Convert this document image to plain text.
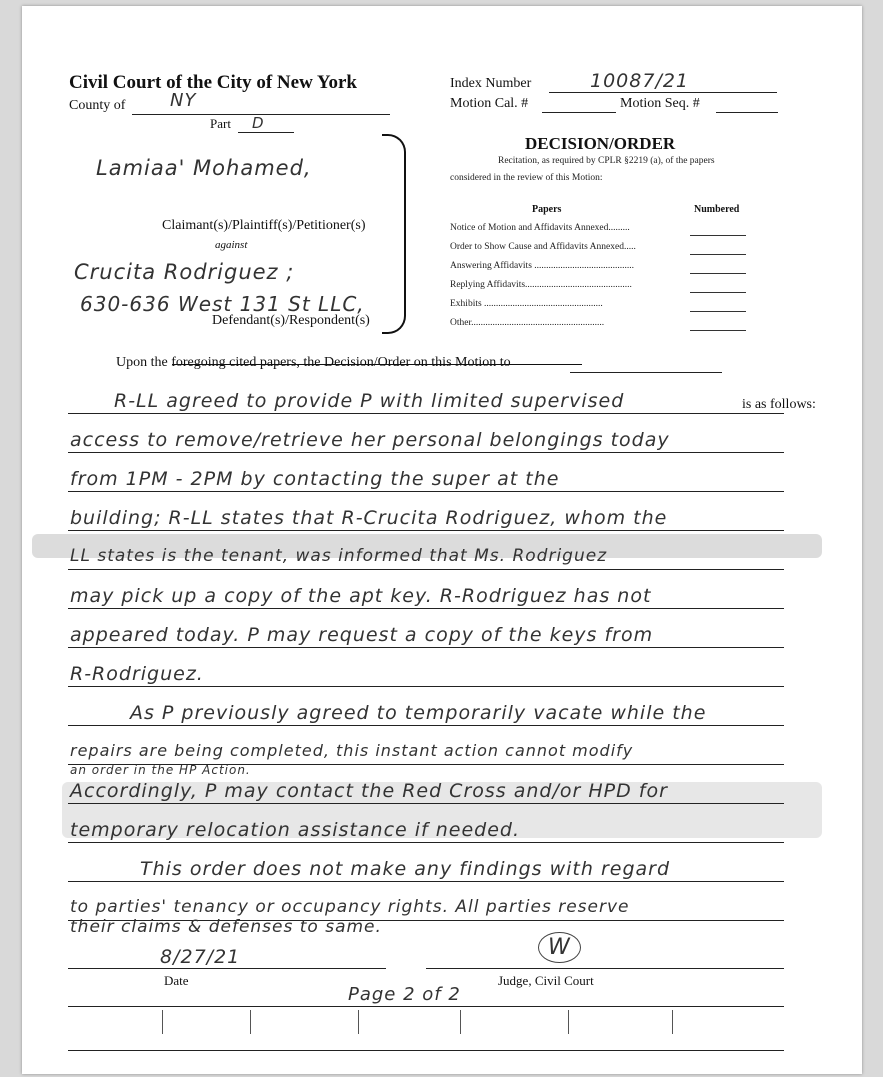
Civil Court of the City of New York
County of NY
Part D
Index Number	10087/21
Motion Cal. #	Motion Seq. #
Lamiaa' Mohamed,
Claimant(s)/Plaintiff(s)/Petitioner(s)
against
Crucita Rodriguez ;
630-636 West 131 St LLC,
Defendant(s)/Respondent(s)
DECISION/ORDER
Recitation, as required by CPLR §2219 (a), of the papers
considered in the review of this Motion:
Papers	Numbered
Notice of Motion and Affidavits Annexed.........
Order to Show Cause and Affidavits Annexed.....
Answering Affidavits ..........................................
Replying Affidavits.............................................
Exhibits ..................................................
Other........................................................
Upon the foregoing cited papers, the Decision/Order on this Motion to
R-LL agreed to provide P with limited supervised	is as follows:
access to remove/retrieve her personal belongings today
from 1PM - 2PM by contacting the super at the
building; R-LL states that R-Crucita Rodriguez, whom the
LL states is the tenant, was informed that Ms. Rodriguez
may pick up a copy of the apt key. R-Rodriguez has not
appeared today. P may request a copy of the keys from
R-Rodriguez.
As P previously agreed to temporarily vacate while the
repairs are being completed, this instant action cannot modify
an order in the HP Action.
Accordingly, P may contact the Red Cross and/or HPD for
temporary relocation assistance if needed.
This order does not make any findings with regard
to parties' tenancy or occupancy rights. All parties reserve
their claims & defenses to same.
8/27/21
Date
W
Judge, Civil Court
Page 2 of 2
